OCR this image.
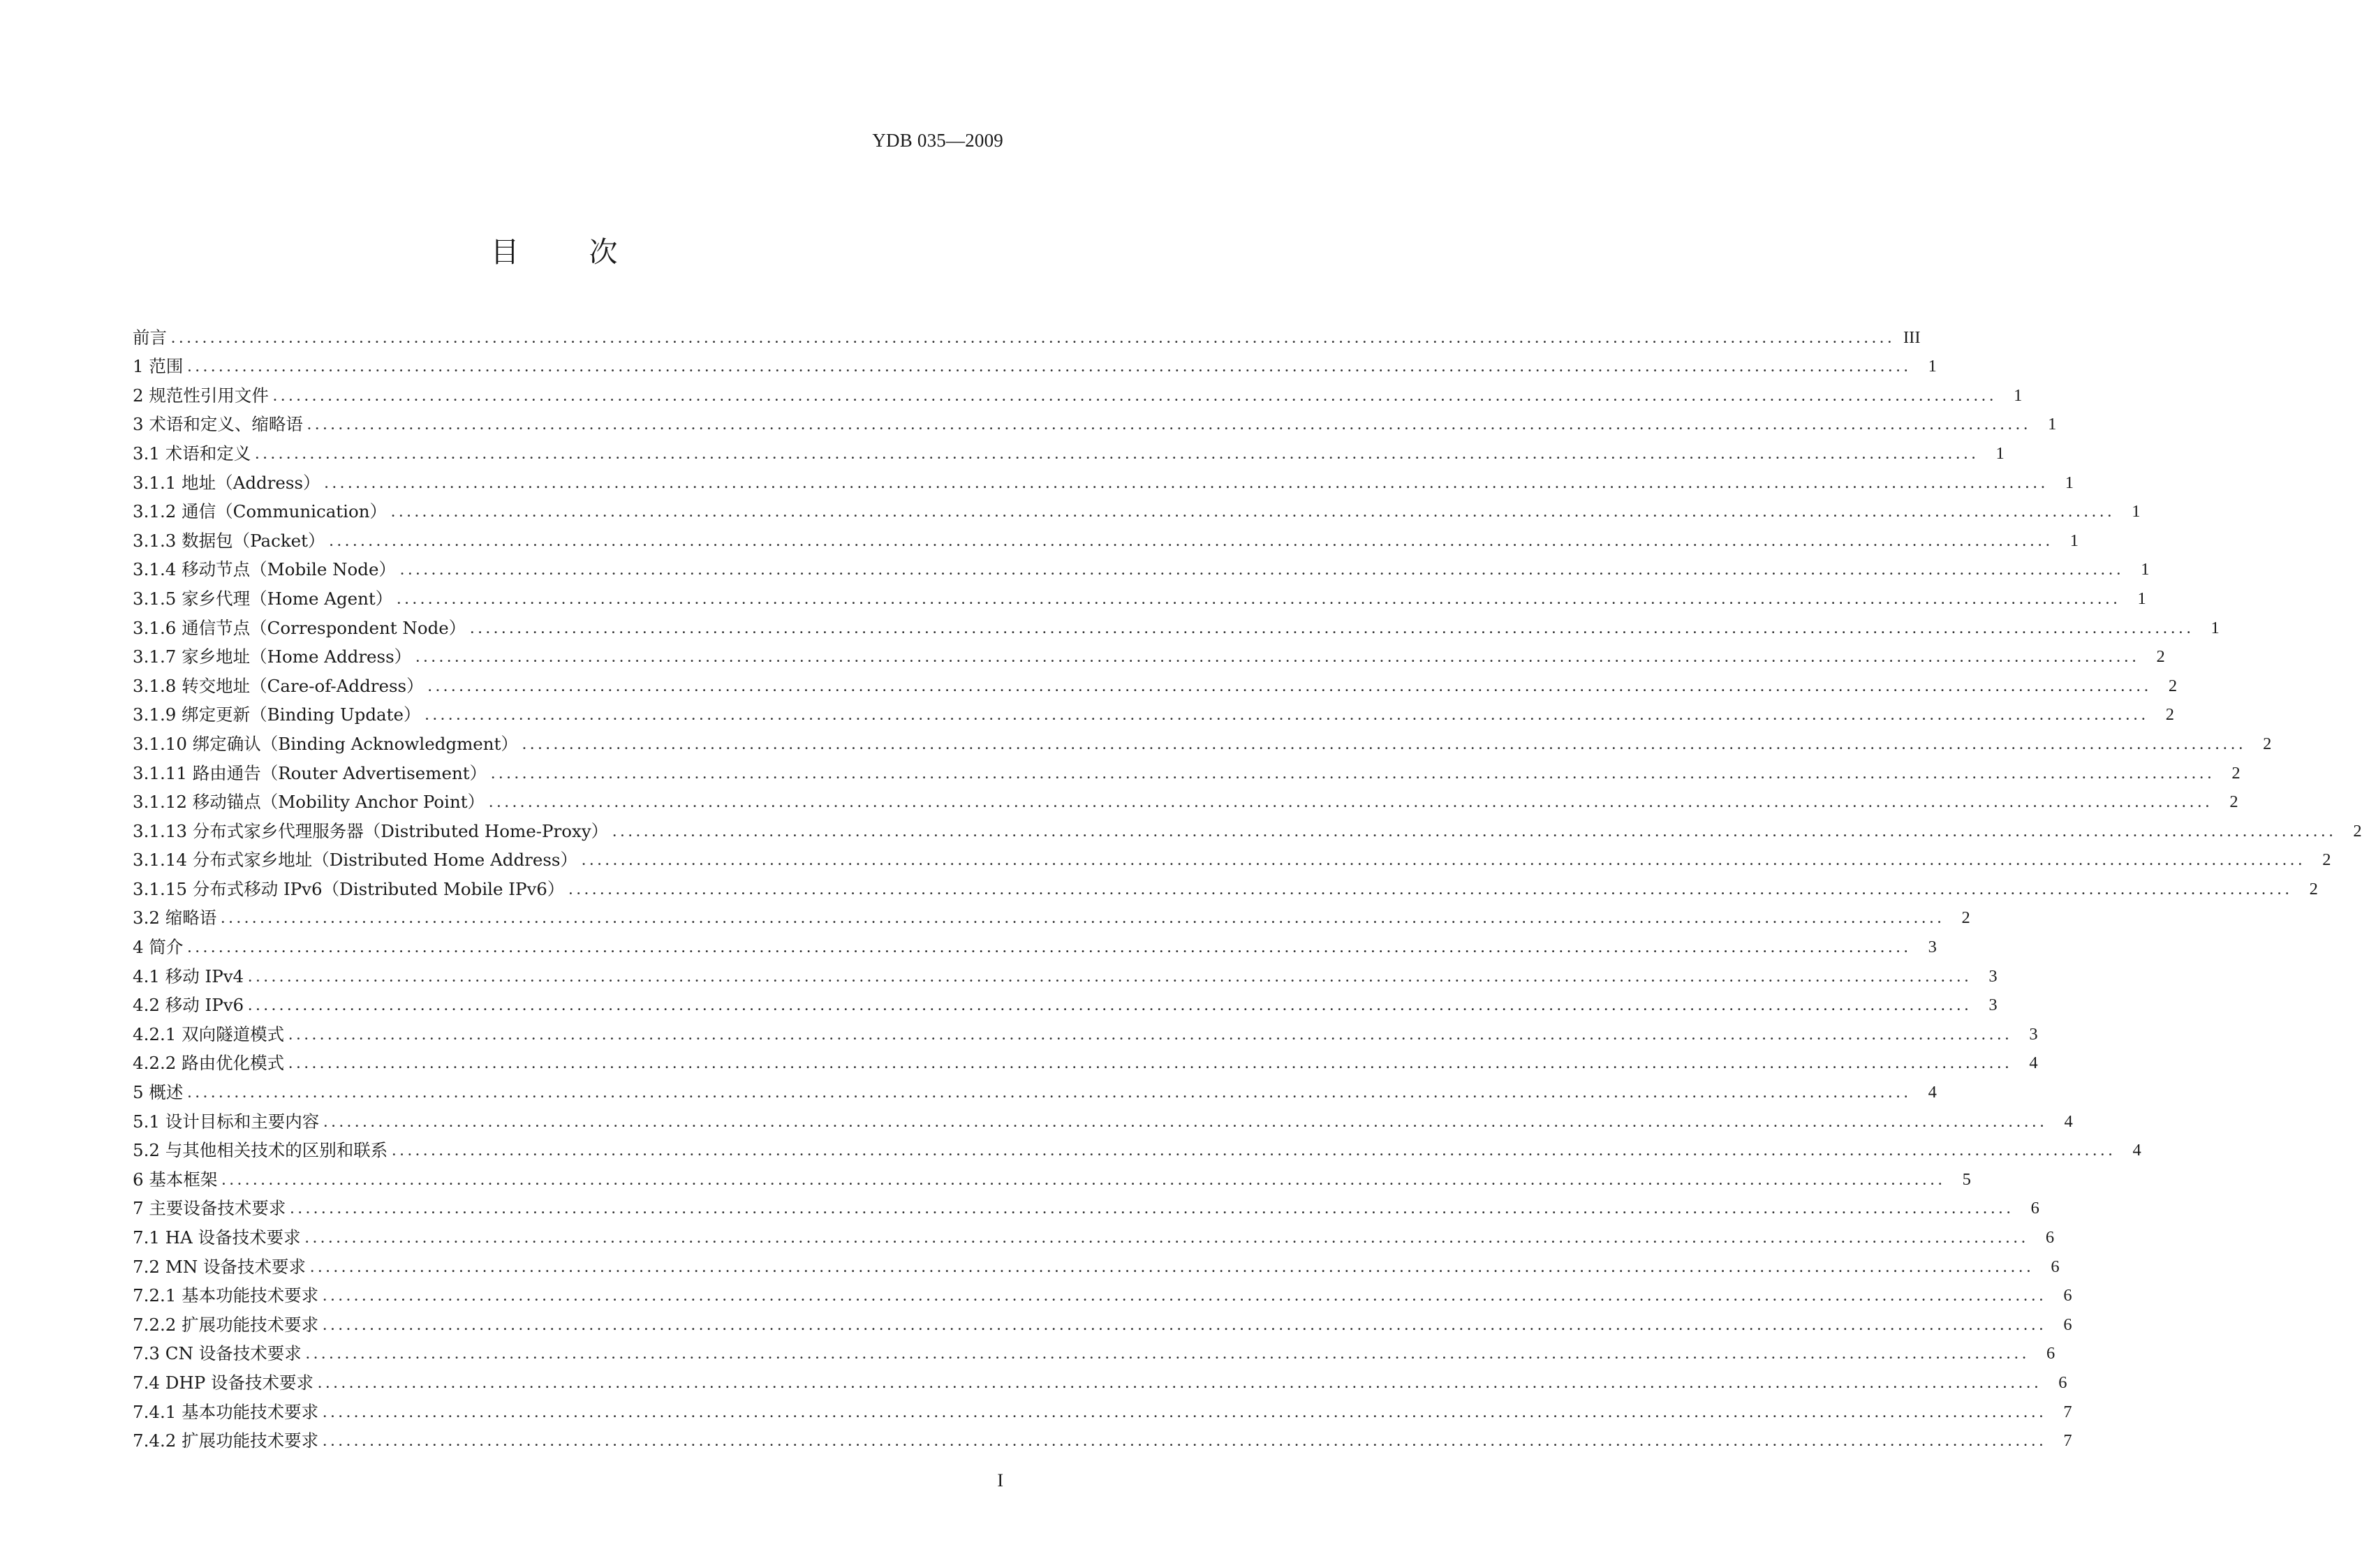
YDB 035—2009
目 次
前言 ............................................................................................................................................................................................................................ III
1 范围 ............................................................................................................................................................................................................................ 1
2 规范性引用文件 ............................................................................................................................................................................................................................ 1
3 术语和定义、缩略语 ............................................................................................................................................................................................................................ 1
3.1 术语和定义 ............................................................................................................................................................................................................................ 1
3.1.1 地址（Address） ............................................................................................................................................................................................................................ 1
3.1.2 通信（Communication） ............................................................................................................................................................................................................................ 1
3.1.3 数据包（Packet） ............................................................................................................................................................................................................................ 1
3.1.4 移动节点（Mobile Node） ............................................................................................................................................................................................................................ 1
3.1.5 家乡代理（Home Agent） ............................................................................................................................................................................................................................ 1
3.1.6 通信节点（Correspondent Node） ............................................................................................................................................................................................................................ 1
3.1.7 家乡地址（Home Address） ............................................................................................................................................................................................................................ 2
3.1.8 转交地址（Care-of-Address） ............................................................................................................................................................................................................................ 2
3.1.9 绑定更新（Binding Update） ............................................................................................................................................................................................................................ 2
3.1.10 绑定确认（Binding Acknowledgment） ............................................................................................................................................................................................................................ 2
3.1.11 路由通告（Router Advertisement） ............................................................................................................................................................................................................................ 2
3.1.12 移动锚点（Mobility Anchor Point） ............................................................................................................................................................................................................................ 2
3.1.13 分布式家乡代理服务器（Distributed Home-Proxy） ............................................................................................................................................................................................................................ 2
3.1.14 分布式家乡地址（Distributed Home Address） ............................................................................................................................................................................................................................ 2
3.1.15 分布式移动 IPv6（Distributed Mobile IPv6） ............................................................................................................................................................................................................................ 2
3.2 缩略语 ............................................................................................................................................................................................................................ 2
4 简介 ............................................................................................................................................................................................................................ 3
4.1 移动 IPv4 ............................................................................................................................................................................................................................ 3
4.2 移动 IPv6 ............................................................................................................................................................................................................................ 3
4.2.1 双向隧道模式 ............................................................................................................................................................................................................................ 3
4.2.2 路由优化模式 ............................................................................................................................................................................................................................ 4
5 概述 ............................................................................................................................................................................................................................ 4
5.1 设计目标和主要内容 ............................................................................................................................................................................................................................ 4
5.2 与其他相关技术的区别和联系 ............................................................................................................................................................................................................................ 4
6 基本框架 ............................................................................................................................................................................................................................ 5
7 主要设备技术要求 ............................................................................................................................................................................................................................ 6
7.1 HA 设备技术要求 ............................................................................................................................................................................................................................ 6
7.2 MN 设备技术要求 ............................................................................................................................................................................................................................ 6
7.2.1 基本功能技术要求 ............................................................................................................................................................................................................................ 6
7.2.2 扩展功能技术要求 ............................................................................................................................................................................................................................ 6
7.3 CN 设备技术要求 ............................................................................................................................................................................................................................ 6
7.4 DHP 设备技术要求 ............................................................................................................................................................................................................................ 6
7.4.1 基本功能技术要求 ............................................................................................................................................................................................................................ 7
7.4.2 扩展功能技术要求 ............................................................................................................................................................................................................................ 7
I
